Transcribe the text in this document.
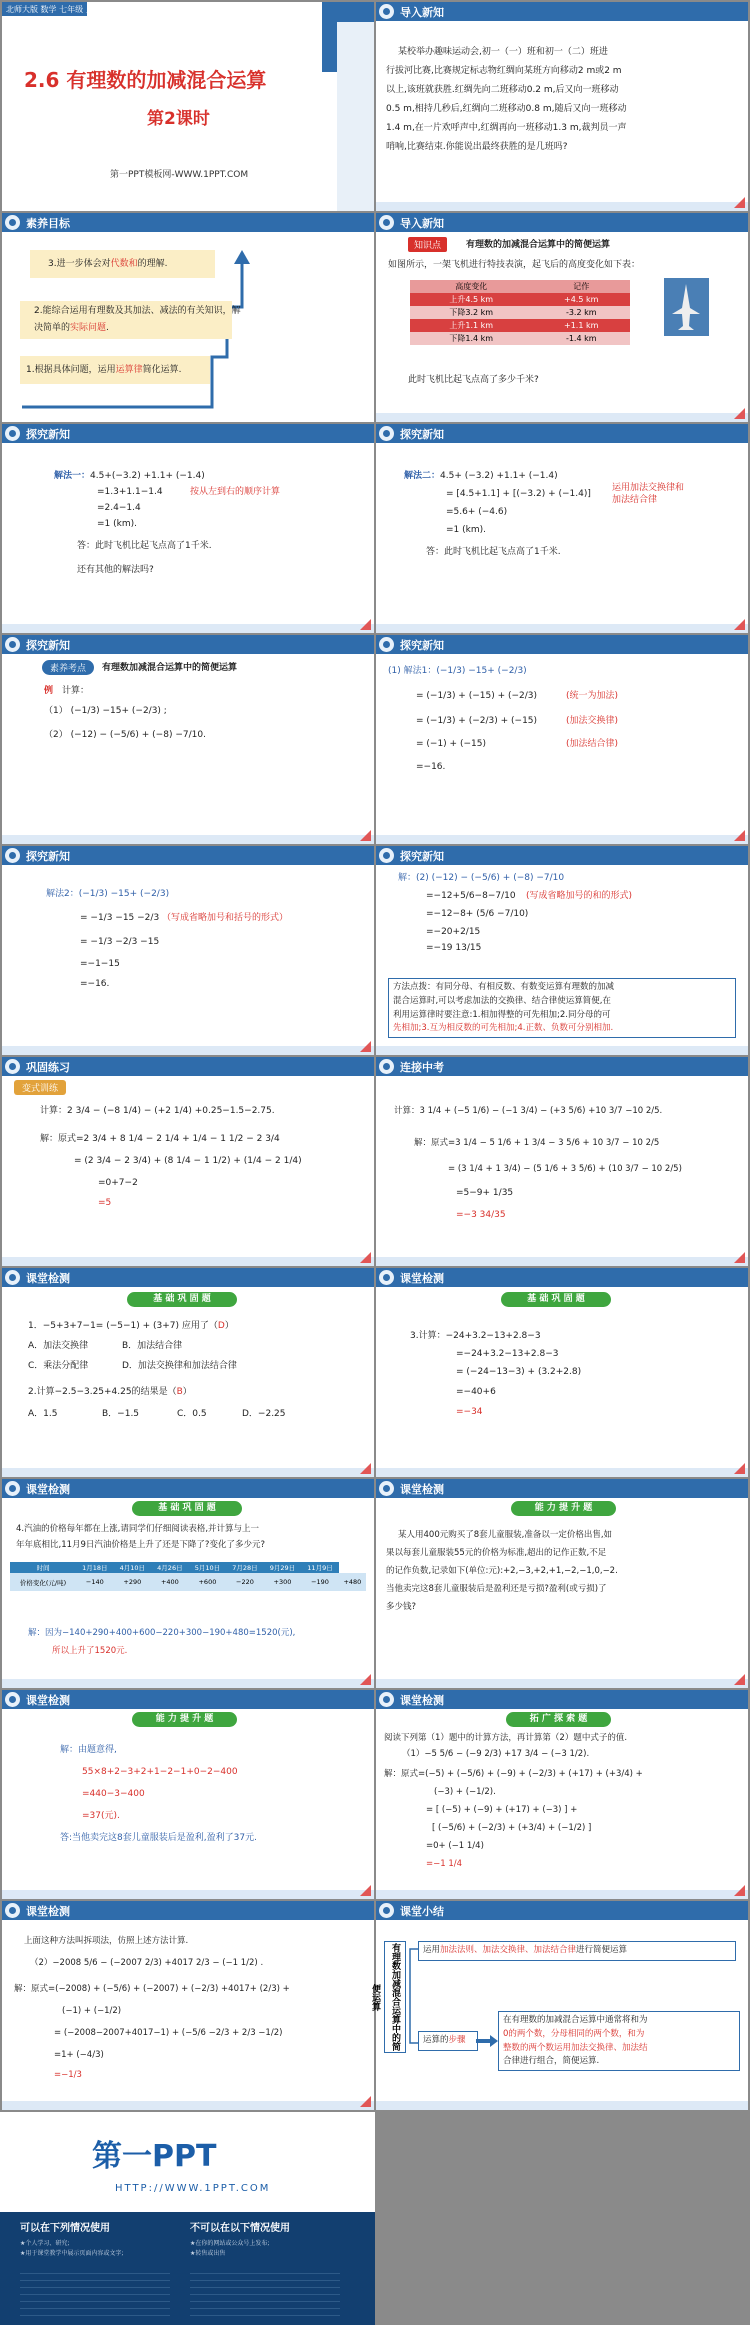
北师大版 数学 七年级 上册
2.6 有理数的加减混合运算
第2课时
第一PPT模板网-WWW.1PPT.COM
导入新知
某校举办趣味运动会,初一（一）班和初一（二）班进
行拔河比赛,比赛规定标志物红绸向某班方向移动2 m或2 m
以上,该班就获胜.红绸先向二班移动0.2 m,后又向一班移动
0.5 m,相持几秒后,红绸向二班移动0.8 m,随后又向一班移动
1.4 m,在一片欢呼声中,红绸再向一班移动1.3 m,裁判员一声
哨响,比赛结束.你能说出最终获胜的是几班吗?
素养目标
3.进一步体会对代数和的理解.
2.能综合运用有理数及其加法、减法的有关知识，解
决简单的实际问题.
1.根据具体问题，运用运算律简化运算.
导入新知
知识点	有理数的加减混合运算中的简便运算
如图所示，一架飞机进行特技表演，起飞后的高度变化如下表：
高度变化	记作
上升4.5 km	+4.5 km
下降3.2 km	-3.2 km
上升1.1 km	+1.1 km
下降1.4 km	-1.4 km
此时飞机比起飞点高了多少千米?
探究新知
解法一：4.5+(−3.2) +1.1+ (−1.4)
=1.3+1.1−1.4	按从左到右的顺序计算
=2.4−1.4
=1 (km).
答：此时飞机比起飞点高了1千米.
还有其他的解法吗?
探究新知
解法二：4.5+ (−3.2) +1.1+ (−1.4)
= [4.5+1.1] + [(−3.2) + (−1.4)]
运用加法交换律和
加法结合律
=5.6+ (−4.6)
=1 (km).
答：此时飞机比起飞点高了1千米.
探究新知
素养考点	有理数加减混合运算中的简便运算
例 计算：
（1） (−1/3) −15+ (−2/3) ;
（2） (−12) − (−5/6) + (−8) −7/10.
探究新知
(1) 解法1：(−1/3) −15+ (−2/3)
= (−1/3) + (−15) + (−2/3)	(统一为加法)
= (−1/3) + (−2/3) + (−15)	(加法交换律)
= (−1) + (−15)	(加法结合律)
=−16.
探究新知
解法2：(−1/3) −15+ (−2/3)
= −1/3 −15 −2/3 （写成省略加号和括号的形式）
= −1/3 −2/3 −15
=−1−15
=−16.
探究新知
解：(2) (−12) − (−5/6) + (−8) −7/10
=−12+5/6−8−7/10 (写成省略加号的和的形式)
=−12−8+ (5/6 −7/10)
=−20+2/15
=−19 13/15
方法点拨：有同分母、有相反数、有数变运算有理数的加减
混合运算时,可以考虑加法的交换律、结合律使运算简便,在
利用运算律时要注意:1.相加得整的可先相加;2.同分母的可
先相加;3.互为相反数的可先相加;4.正数、负数可分别相加.
巩固练习
变式训练
计算：2 3/4 − (−8 1/4) − (+2 1/4) +0.25−1.5−2.75.
解：原式=2 3/4 + 8 1/4 − 2 1/4 + 1/4 − 1 1/2 − 2 3/4
= (2 3/4 − 2 3/4) + (8 1/4 − 1 1/2) + (1/4 − 2 1/4)
=0+7−2
=5
连接中考
计算：3 1/4 + (−5 1/6) − (−1 3/4) − (+3 5/6) +10 3/7 −10 2/5.
解：原式=3 1/4 − 5 1/6 + 1 3/4 − 3 5/6 + 10 3/7 − 10 2/5
= (3 1/4 + 1 3/4) − (5 1/6 + 3 5/6) + (10 3/7 − 10 2/5)
=5−9+ 1/35
=−3 34/35
课堂检测
基 础 巩 固 题
1．−5+3+7−1= (−5−1) + (3+7) 应用了（D）
A．加法交换律	B．加法结合律
C．乘法分配律	D．加法交换律和加法结合律
2.计算−2.5−3.25+4.25的结果是（B）
A．1.5	B．−1.5	C．0.5	D．−2.25
课堂检测
基 础 巩 固 题
3.计算：−24+3.2−13+2.8−3
=−24+3.2−13+2.8−3
= (−24−13−3) + (3.2+2.8)
=−40+6
=−34
课堂检测
基 础 巩 固 题
4.汽油的价格每年都在上涨,请同学们仔细阅读表格,并计算与上一
年年底相比,11月9日汽油价格是上升了还是下降了?变化了多少元?
时间	1月18日	4月10日	4月26日	5月10日	7月28日	9月29日	11月9日	
价格变化(元/吨)	−140	+290	+400	+600	−220	+300	−190	+480
解：因为−140+290+400+600−220+300−190+480=1520(元),
所以上升了1520元.
课堂检测
能 力 提 升 题
某人用400元购买了8套儿童服装,准备以一定价格出售,如
果以每套儿童服装55元的价格为标准,超出的记作正数,不足
的记作负数,记录如下(单位:元):+2,−3,+2,+1,−2,−1,0,−2.
当他卖完这8套儿童服装后是盈利还是亏损?盈利(或亏损)了
多少钱?
课堂检测
能 力 提 升 题
解：由题意得,
55×8+2−3+2+1−2−1+0−2−400
=440−3−400
=37(元).
答:当他卖完这8套儿童服装后是盈利,盈利了37元.
课堂检测
拓 广 探 索 题
阅读下列第（1）题中的计算方法，再计算第（2）题中式子的值.
（1）−5 5/6 − (−9 2/3) +17 3/4 − (−3 1/2).
解：原式=(−5) + (−5/6) + (−9) + (−2/3) + (+17) + (+3/4) +
(−3) + (−1/2).
= [ (−5) + (−9) + (+17) + (−3) ] +
[ (−5/6) + (−2/3) + (+3/4) + (−1/2) ]
=0+ (−1 1/4)
=−1 1/4
课堂检测
上面这种方法叫拆项法，仿照上述方法计算.
（2）−2008 5/6 − (−2007 2/3) +4017 2/3 − (−1 1/2) .
解：原式=(−2008) + (−5/6) + (−2007) + (−2/3) +4017+ (2/3) +
(−1) + (−1/2)
= (−2008−2007+4017−1) + (−5/6 −2/3 + 2/3 −1/2)
=1+ (−4/3)
=−1/3
课堂小结
有理数加减混合运算中的简便运算
运用加法法则、加法交换律、加法结合律进行简便运算
运算的步骤
在有理数的加减混合运算中通常将和为
0的两个数，分母相同的两个数，和为
整数的两个数运用加法交换律、加法结
合律进行组合，简便运算.
第一PPT
HTTP://WWW.1PPT.COM
可以在下列情况使用	不可以在以下情况使用
★个人学习、研究;
★用于课堂教学中展示页面内容或文字;
★在你的网站或公众号上发布;
★转售或出售
